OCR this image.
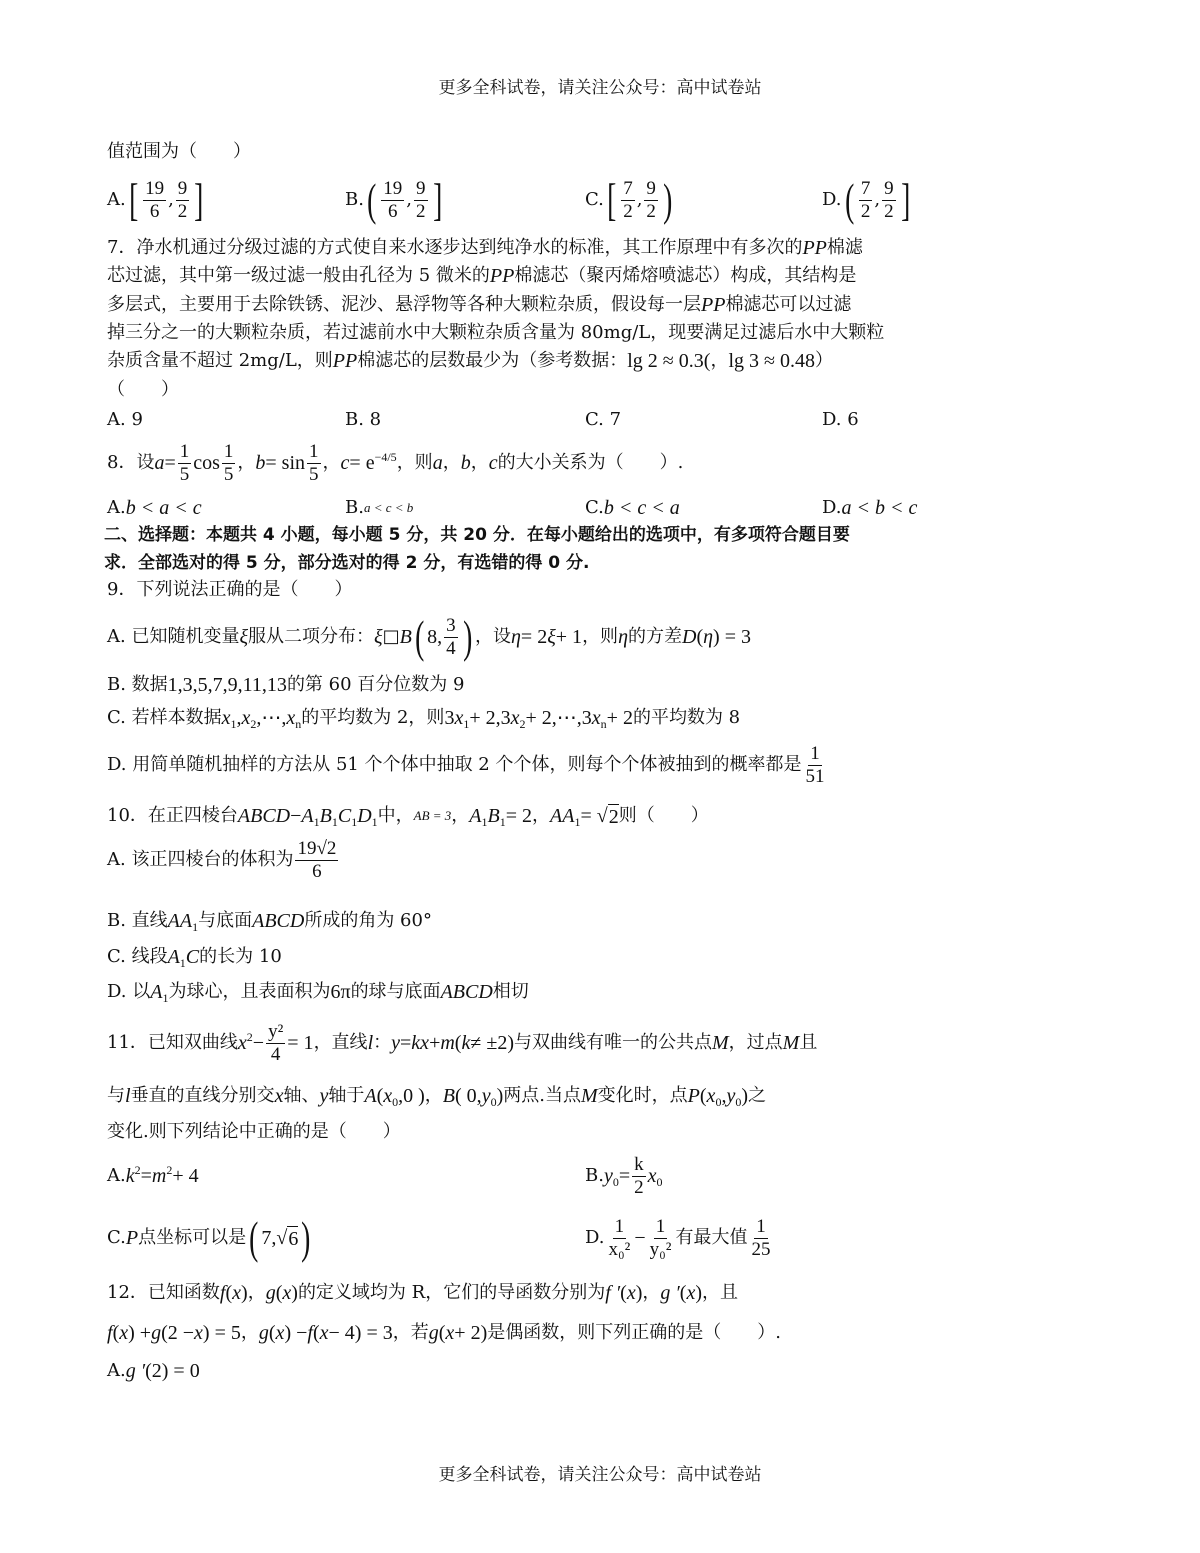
更多全科试卷，请关注公众号：高中试卷站
值范围为（　　）
A. [ $\frac{19}{6}$ , $\frac{9}{2}$ ]	B. ( $\frac{19}{6}$ , $\frac{9}{2}$ ]	C. [ $\frac{7}{2}$ , $\frac{9}{2}$ )	D. ( $\frac{7}{2}$ , $\frac{9}{2}$ ]
7．净水机通过分级过滤的方式使自来水逐步达到纯净水的标准，其工作原理中有多次的 PP 棉滤
芯过滤，其中第一级过滤一般由孔径为 5 微米的 PP 棉滤芯（聚丙烯熔喷滤芯）构成，其结构是
多层式，主要用于去除铁锈、泥沙、悬浮物等各种大颗粒杂质，假设每一层 PP 棉滤芯可以过滤
掉三分之一的大颗粒杂质，若过滤前水中大颗粒杂质含量为 80mg/L，现要满足过滤后水中大颗粒
杂质含量不超过 2mg/L，则 PP 棉滤芯的层数最少为（参考数据： lg 2 ≈ 0.3( ， lg 3 ≈ 0.48 ）
（　　）
A. 9	B. 8	C. 7	D. 6
8．设 $a = \frac{1}{5}$ $\cos \frac{1}{5}$ ， $b = \sin \frac{1}{5}$ ， $c = e^{-4/5}$ ，则 a ， b ， c 的大小关系为（　　）.
A. b < a < c	B. a < c < b	C. b < c < a	D. a < b < c
二、选择题：本题共 4 小题，每小题 5 分，共 20 分．在每小题给出的选项中，有多项符合题目要
求．全部选对的得 5 分，部分选对的得 2 分，有选错的得 0 分.
9．下列说法正确的是（　　）
A. 已知随机变量 ξ 服从二项分布： ξ □ B ( 8, $\frac{3}{4}$ ) ，设 η = 2 ξ + 1 ，则 η 的方差 D ( η ) = 3
B. 数据 1,3,5,7,9,11,13 的第 60 百分位数为 9
C. 若样本数据 $x_1$ , $x_2$ ,⋯, $x_n$ 的平均数为 2，则 3 $x_1 + 2,3$ $x_2$ + 2,⋯,3 $x_n + 2$ 的平均数为 8
D. 用简单随机抽样的方法从 51 个个体中抽取 2 个个体，则每个个体被抽到的概率都是 $\frac{1}{51}$
10．在正四棱台 ABCD − $A_1$ $B_1$ $C_1$ $D_1$ 中， AB = 3 ， $A_1$ $B_1 = 2$ ， $AA_1$ = √ 2 则（　　）
A. 该正四棱台的体积为 $\frac{19√2}{6}$
B. 直线 $AA_1$ 与底面 ABCD 所成的角为 60°
C. 线段 $A_1$ C 的长为 10
D. 以 $A_1$ 为球心，且表面积为 6π 的球与底面 ABCD 相切
11．已知双曲线 $x^2 - \frac{\text{y²}}{4} = 1$ ，直线 l ： y = kx + m ( k ≠ ±2) 与双曲线有唯一的公共点 M ，过点 M 且
与 l 垂直的直线分别交 x 轴、 y 轴于 A ( $x_0$ ,0 ) ， B ( 0, $y_0$ ) 两点.当点 M 变化时，点 P ( $x_0$ , $y_0$ ) 之
变化.则下列结论中正确的是（　　）
A. $k^2 = m^2 + 4$	B. $y_0 = \frac{k}{2} x_0$
C. P 点坐标可以是 ( 7,√ 6 )	D. $\frac{1}{\text{x₀²}} - \frac{1}{\text{y₀²}}$ 有最大值 $\frac{1}{25}$
12．已知函数 f ( x ) ， g ( x ) 的定义域均为 R，它们的导函数分别为 f ′ ( x ) ， g ′ ( x ) ，且
f ( x ) + g (2 − x ) = 5 ， g ( x ) − f ( x − 4) = 3 ，若 g ( x + 2) 是偶函数，则下列正确的是（　　）.
A. g ′ (2) = 0
更多全科试卷，请关注公众号：高中试卷站
